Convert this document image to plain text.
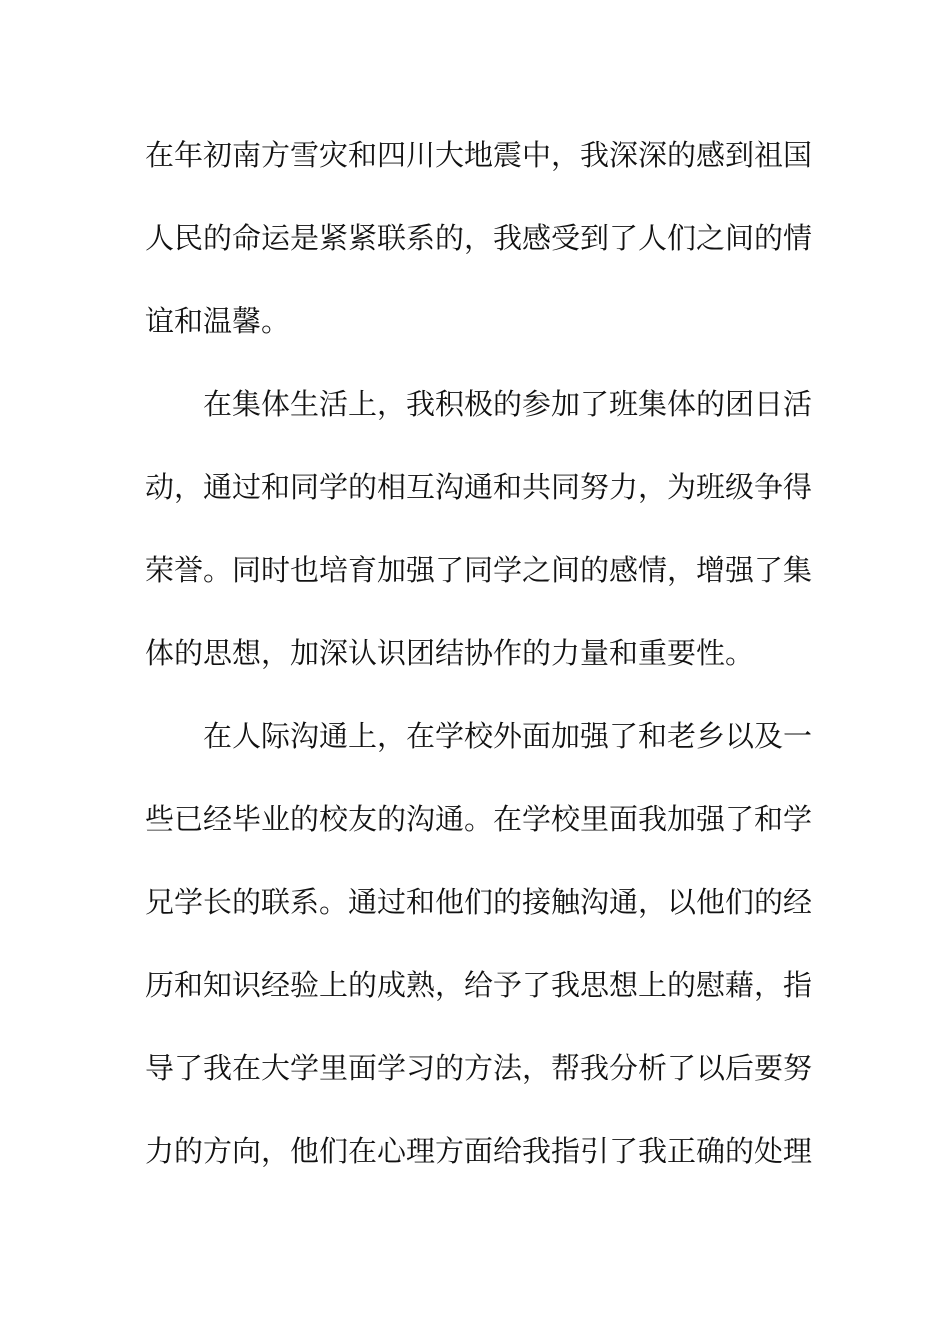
在年初南方雪灾和四川大地震中，我深深的感到祖国
人民的命运是紧紧联系的，我感受到了人们之间的情
谊和温馨。
在集体生活上，我积极的参加了班集体的团日活
动，通过和同学的相互沟通和共同努力，为班级争得
荣誉。同时也培育加强了同学之间的感情，增强了集
体的思想，加深认识团结协作的力量和重要性。
在人际沟通上，在学校外面加强了和老乡以及一
些已经毕业的校友的沟通。在学校里面我加强了和学
兄学长的联系。通过和他们的接触沟通，以他们的经
历和知识经验上的成熟，给予了我思想上的慰藉，指
导了我在大学里面学习的方法，帮我分析了以后要努
力的方向，他们在心理方面给我指引了我正确的处理
